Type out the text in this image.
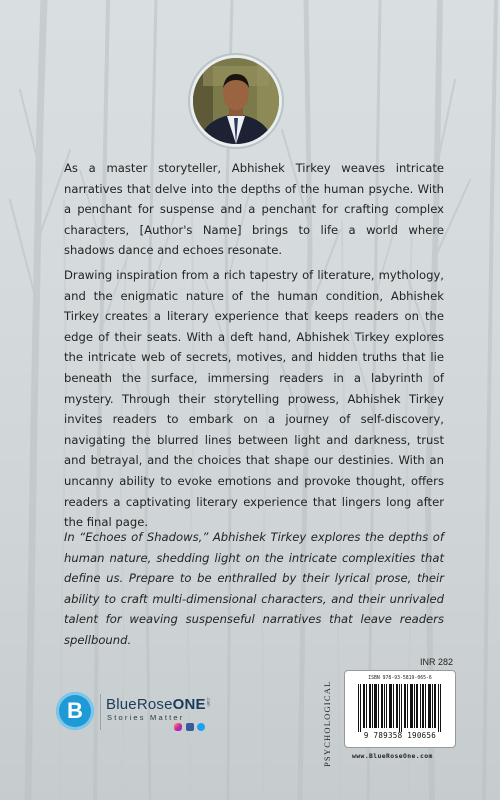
As a master storyteller, Abhishek Tirkey weaves intricate narratives that delve into the depths of the human psyche. With a penchant for suspense and a penchant for crafting complex characters, [Author's Name] brings to life a world where shadows dance and echoes resonate.

Drawing inspiration from a rich tapestry of literature, mythology, and the enigmatic nature of the human condition, Abhishek Tirkey creates a literary experience that keeps readers on the edge of their seats. With a deft hand, Abhishek Tirkey explores the intricate web of secrets, motives, and hidden truths that lie beneath the surface, immersing readers in a labyrinth of mystery. Through their storytelling prowess, Abhishek Tirkey invites readers to embark on a journey of self-discovery, navigating the blurred lines between light and darkness, trust and betrayal, and the choices that shape our destinies. With an uncanny ability to evoke emotions and provoke thought, offers readers a captivating literary experience that lingers long after the final page.

In “Echoes of Shadows,” Abhishek Tirkey explores the depths of human nature, shedding light on the intricate complexities that define us. Prepare to be enthralled by their lyrical prose, their ability to craft multi-dimensional characters, and their unrivaled talent for weaving suspenseful narratives that leave readers spellbound.

B	BlueRoseONE .com
Stories Matter
	PSYCHOLOGICAL
INR 282
ISBN 978-93-5819-065-6
9 789358 190656
www.BlueRoseOne.com
